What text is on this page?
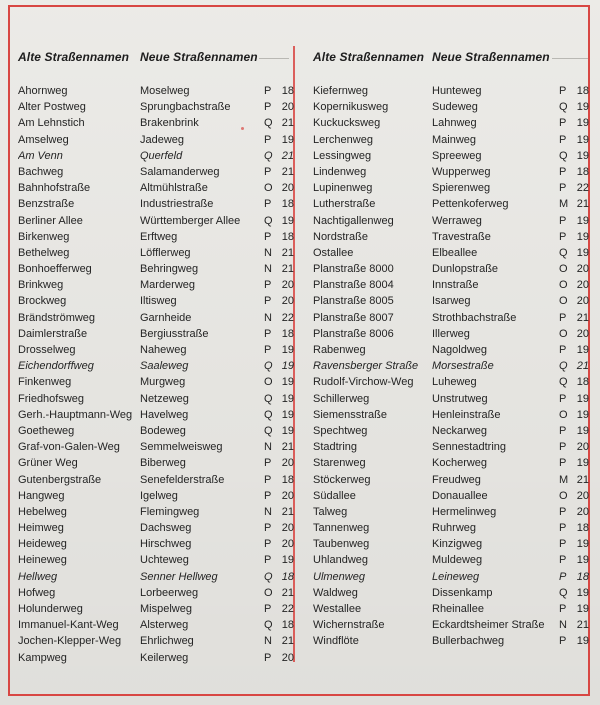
Alte Straßennamen Neue Straßennamen
Ahornweg	Moselweg	P 18
Alter Postweg	Sprungbachstraße	P 20
Am Lehnstich	Brakenbrink	Q 21
Amselweg	Jadeweg	P 19
Am Venn	Querfeld	Q 21
Bachweg	Salamanderweg	P 21
Bahnhofstraße	Altmühlstraße	O 20
Benzstraße	Industriestraße	P 18
Berliner Allee	Württemberger Allee	Q 19
Birkenweg	Erftweg	P 18
Bethelweg	Löfflerweg	N 21
Bonhoefferweg	Behringweg	N 21
Brinkweg	Marderweg	P 20
Brockweg	Iltisweg	P 20
Brändströmweg	Garnheide	N 22
Daimlerstraße	Bergiusstraße	P 18
Drosselweg	Naheweg	P 19
Eichendorffweg	Saaleweg	Q 19
Finkenweg	Murgweg	O 19
Friedhofsweg	Netzeweg	Q 19
Gerh.-Hauptmann-Weg Havelweg	Q 19
Goetheweg	Bodeweg	Q 19
Graf-von-Galen-Weg	Semmelweisweg	N 21
Grüner Weg	Biberweg	P 20
Gutenbergstraße	Senefelderstraße	P 18
Hangweg	Igelweg	P 20
Hebelweg	Flemingweg	N 21
Heimweg	Dachsweg	P 20
Heideweg	Hirschweg	P 20
Heineweg	Uchteweg	P 19
Hellweg	Senner Hellweg	Q 18
Hofweg	Lorbeerweg	O 21
Holunderweg	Mispelweg	P 22
Immanuel-Kant-Weg	Alsterweg	Q 18
Jochen-Klepper-Weg	Ehrlichweg	N 21
Kampweg	Keilerweg	P 20
Alte Straßennamen Neue Straßennamen
Kiefernweg	Hunteweg	P 18
Kopernikusweg	Sudeweg	Q 19
Kuckucksweg	Lahnweg	P 19
Lerchenweg	Mainweg	P 19
Lessingweg	Spreeweg	Q 19
Lindenweg	Wupperweg	P 18
Lupinenweg	Spierenweg	P 22
Lutherstraße	Pettenkoferweg	M 21
Nachtigallenweg	Werraweg	P 19
Nordstraße	Travestraße	P 19
Ostallee	Elbeallee	Q 19
Planstraße 8000	Dunlopstraße	O 20
Planstraße 8004	Innstraße	O 20
Planstraße 8005	Isarweg	O 20
Planstraße 8007	Strothbachstraße	P 21
Planstraße 8006	Illerweg	O 20
Rabenweg	Nagoldweg	P 19
Ravensberger Straße	Morsestraße	Q 21
Rudolf-Virchow-Weg	Luheweg	Q 18
Schillerweg	Unstrutweg	P 19
Siemensstraße	Henleinstraße	O 19
Spechtweg	Neckarweg	P 19
Stadtring	Sennestadtring	P 20
Starenweg	Kocherweg	P 19
Stöckerweg	Freudweg	M 21
Südallee	Donauallee	O 20
Talweg	Hermelinweg	P 20
Tannenweg	Ruhrweg	P 18
Taubenweg	Kinzigweg	P 19
Uhlandweg	Muldeweg	P 19
Ulmenweg	Leineweg	P 18
Waldweg	Dissenkamp	Q 19
Westallee	Rheinallee	P 19
Wichernstraße	Eckardtsheimer Straße	N 21
Windflöte	Bullerbachweg	P 19
